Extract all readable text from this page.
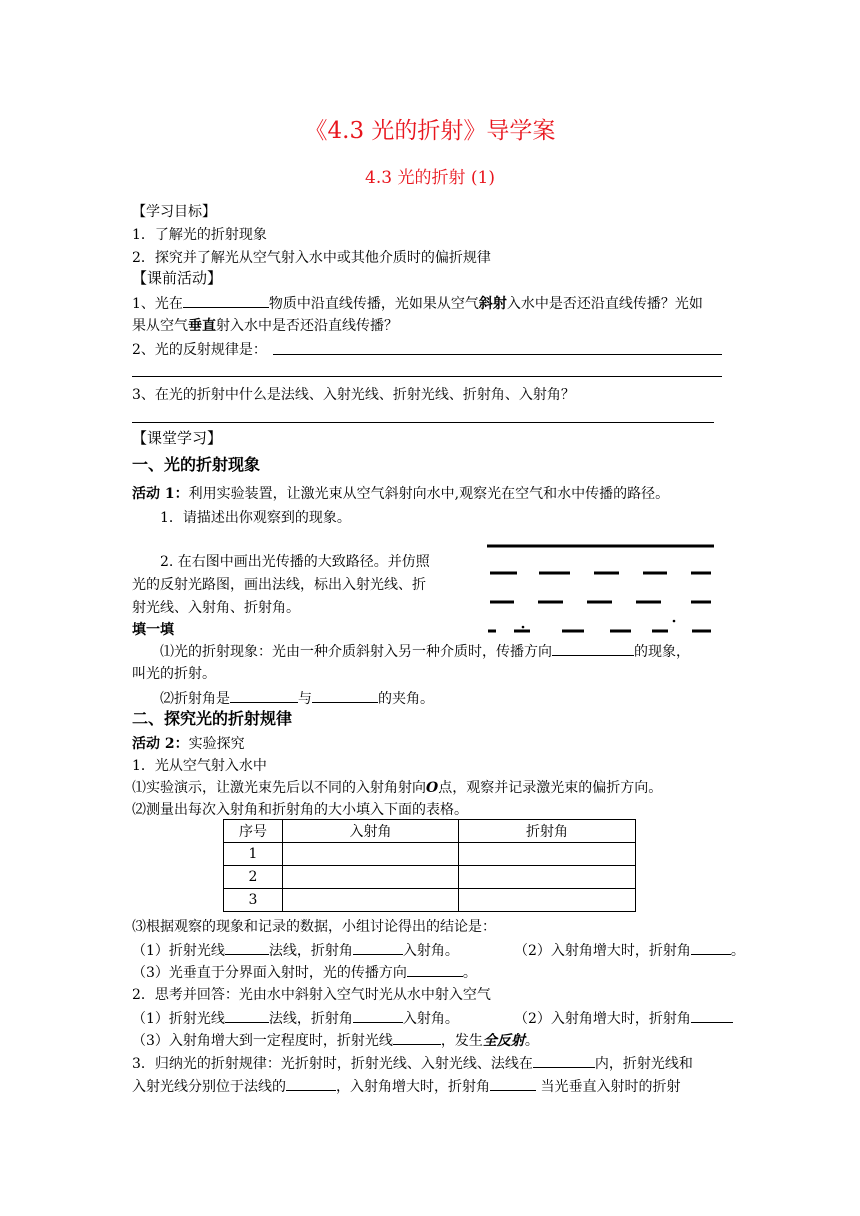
《4.3 光的折射》导学案
4.3 光的折射 (1)
【学习目标】
1．了解光的折射现象
2．探究并了解光从空气射入水中或其他介质时的偏折规律
【课前活动】
1、光在	物质中沿直线传播，光如果从空气斜射入水中是否还沿直线传播？光如
果从空气垂直射入水中是否还沿直线传播？
2、光的反射规律是：
3、在光的折射中什么是法线、入射光线、折射光线、折射角、入射角？
【课堂学习】
一、光的折射现象
活动 1：利用实验装置，让激光束从空气斜射向水中,观察光在空气和水中传播的路径。
1．请描述出你观察到的现象。
2. 在右图中画出光传播的大致路径。并仿照
光的反射光路图，画出法线，标出入射光线、折
射光线、入射角、折射角。
填一填
⑴光的折射现象：光由一种介质斜射入另一种介质时，传播方向	的现象，
叫光的折射。
⑵折射角是	与	的夹角。
二、探究光的折射规律
活动 2：实验探究
1．光从空气射入水中
⑴实验演示，让激光束先后以不同的入射角射向O点，观察并记录激光束的偏折方向。
⑵测量出每次入射角和折射角的大小填入下面的表格。
序号	入射角	折射角
1		
2		
3		
⑶根据观察的现象和记录的数据，小组讨论得出的结论是：
（1）折射光线	法线，折射角	入射角。	（2）入射角增大时，折射角	。
（3）光垂直于分界面入射时，光的传播方向	。
2．思考并回答：光由水中斜射入空气时光从水中射入空气
（1）折射光线	法线，折射角	入射角。	（2）入射角增大时，折射角
（3）入射角增大到一定程度时，折射光线	，发生全反射。
3．归纳光的折射规律：光折射时，折射光线、入射光线、法线在	内，折射光线和
入射光线分别位于法线的	，入射角增大时，折射角	当光垂直入射时的折射
